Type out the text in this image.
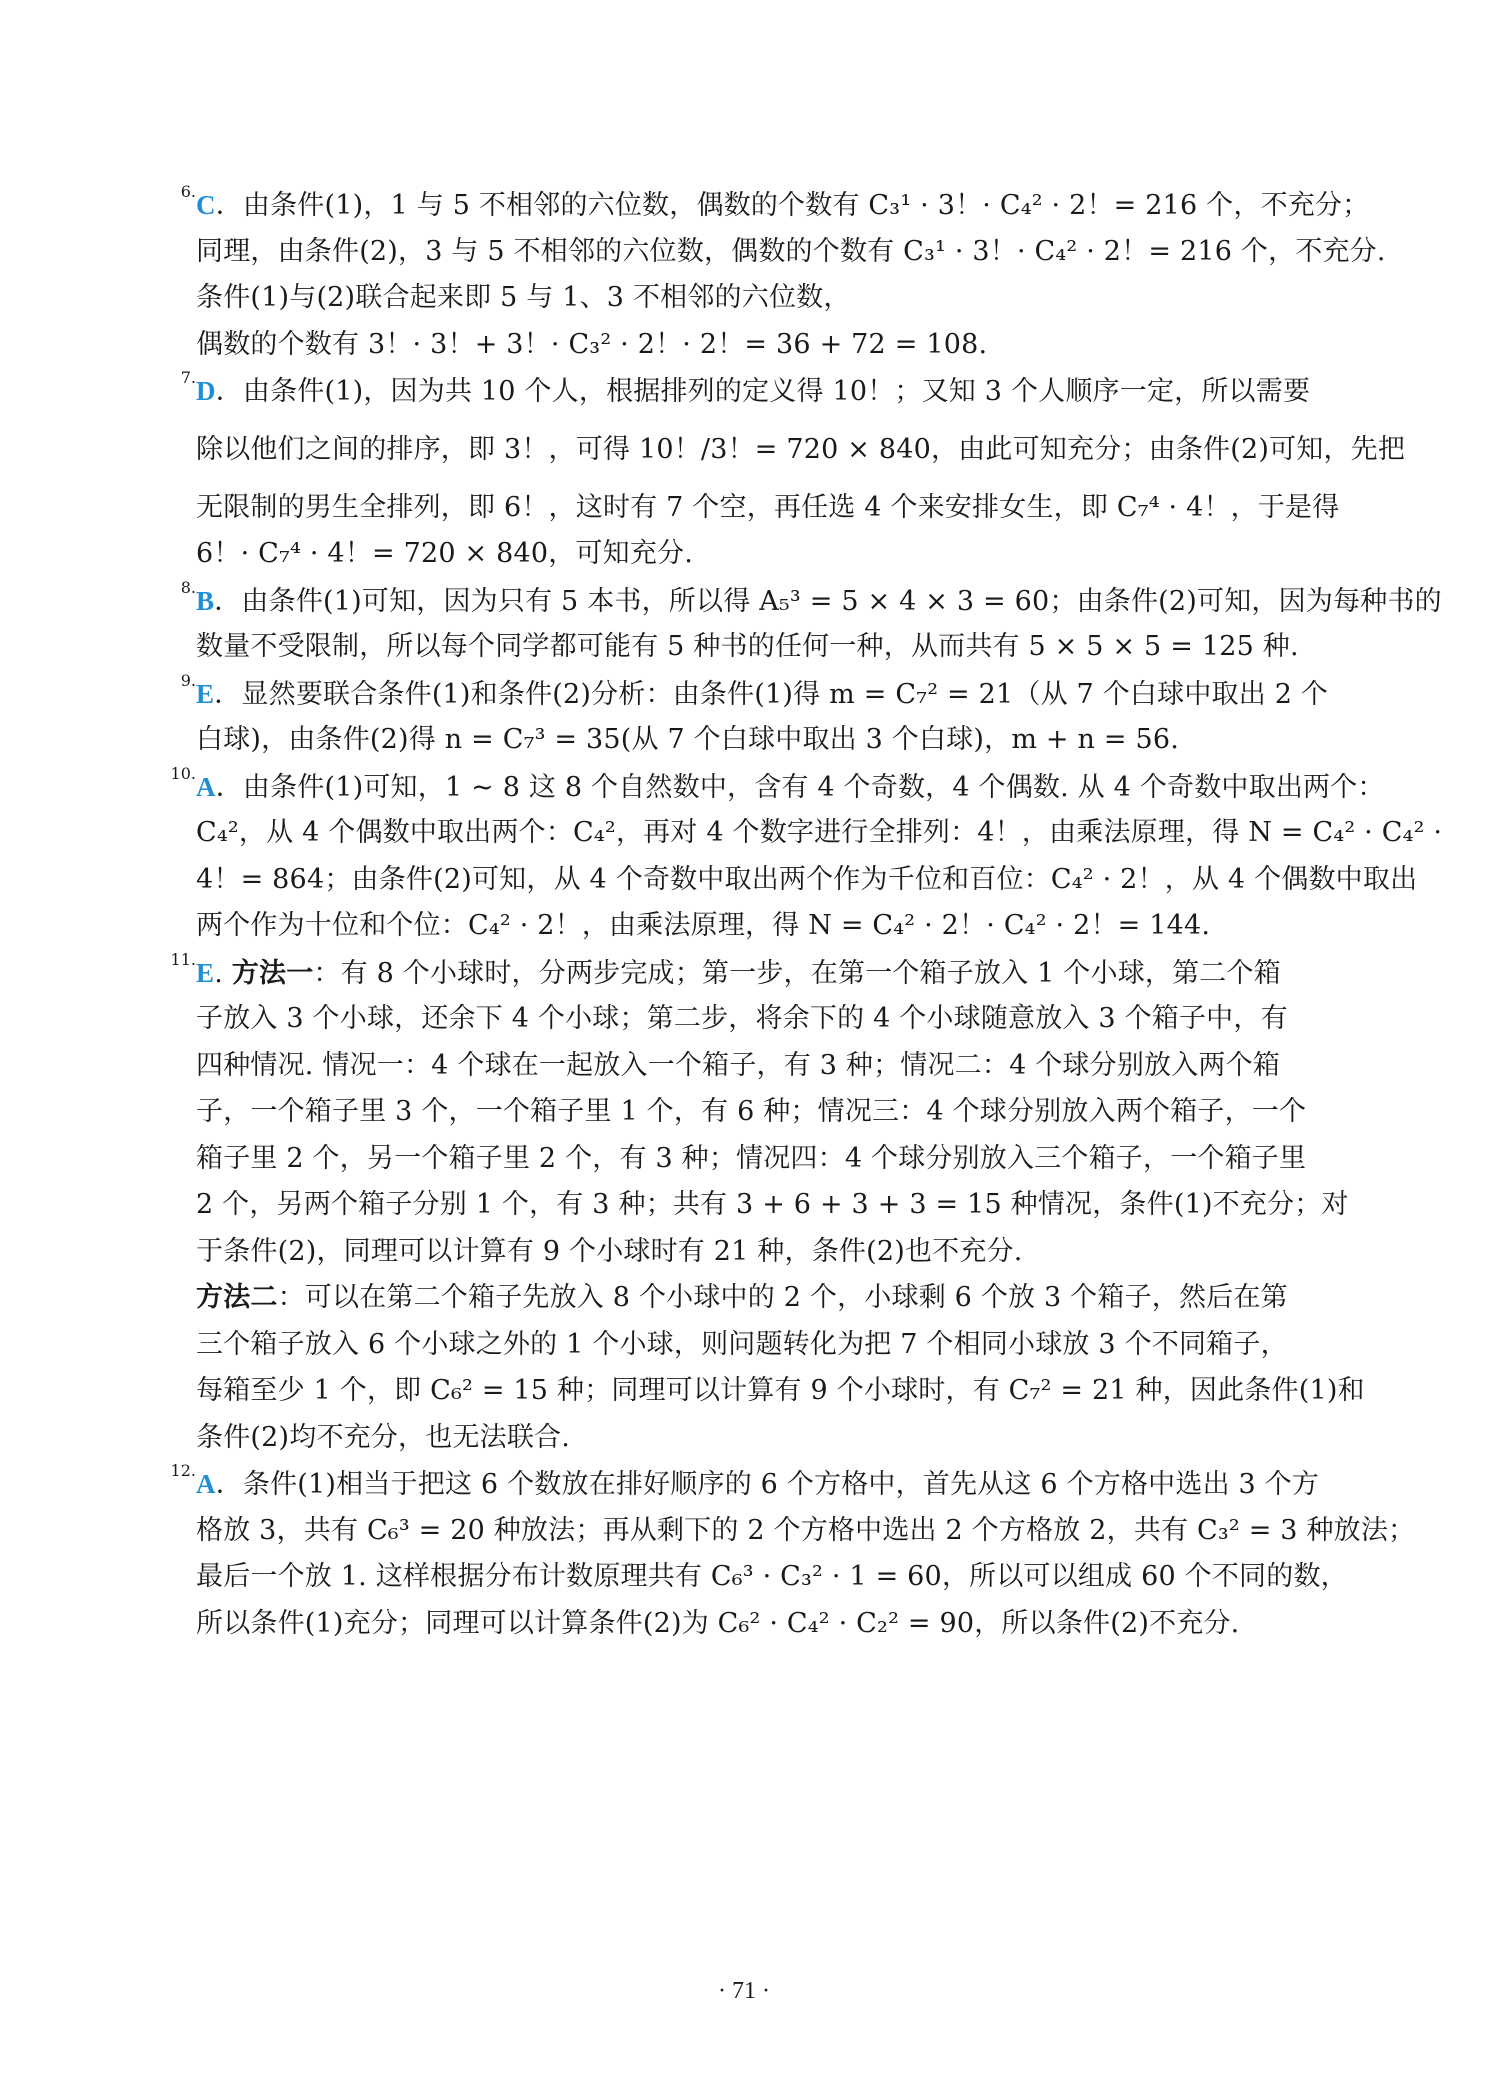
6. C．由条件(1)，1 与 5 不相邻的六位数，偶数的个数有 C₃¹ · 3！· C₄² · 2！= 216 个，不充分；
同理，由条件(2)，3 与 5 不相邻的六位数，偶数的个数有 C₃¹ · 3！· C₄² · 2！= 216 个，不充分.
条件(1)与(2)联合起来即 5 与 1、3 不相邻的六位数，
偶数的个数有 3！· 3！+ 3！· C₃² · 2！· 2！= 36 + 72 = 108.
7. D．由条件(1)，因为共 10 个人，根据排列的定义得 10！；又知 3 个人顺序一定，所以需要
除以他们之间的排序，即 3！，可得 10！/3！= 720 × 840，由此可知充分；由条件(2)可知，先把
无限制的男生全排列，即 6！，这时有 7 个空，再任选 4 个来安排女生，即 C₇⁴ · 4！，于是得
6！· C₇⁴ · 4！= 720 × 840，可知充分.
8. B．由条件(1)可知，因为只有 5 本书，所以得 A₅³ = 5 × 4 × 3 = 60；由条件(2)可知，因为每种书的
数量不受限制，所以每个同学都可能有 5 种书的任何一种，从而共有 5 × 5 × 5 = 125 种.
9. E．显然要联合条件(1)和条件(2)分析：由条件(1)得 m = C₇² = 21（从 7 个白球中取出 2 个
白球)，由条件(2)得 n = C₇³ = 35(从 7 个白球中取出 3 个白球)，m + n = 56.
10. A．由条件(1)可知，1 ~ 8 这 8 个自然数中，含有 4 个奇数，4 个偶数. 从 4 个奇数中取出两个：
C₄²，从 4 个偶数中取出两个：C₄²，再对 4 个数字进行全排列：4！，由乘法原理，得 N = C₄² · C₄² ·
4！= 864；由条件(2)可知，从 4 个奇数中取出两个作为千位和百位：C₄² · 2！，从 4 个偶数中取出
两个作为十位和个位：C₄² · 2！，由乘法原理，得 N = C₄² · 2！· C₄² · 2！= 144.
11. E. 方法一：有 8 个小球时，分两步完成；第一步，在第一个箱子放入 1 个小球，第二个箱
子放入 3 个小球，还余下 4 个小球；第二步，将余下的 4 个小球随意放入 3 个箱子中，有
四种情况. 情况一：4 个球在一起放入一个箱子，有 3 种；情况二：4 个球分别放入两个箱
子，一个箱子里 3 个，一个箱子里 1 个，有 6 种；情况三：4 个球分别放入两个箱子，一个
箱子里 2 个，另一个箱子里 2 个，有 3 种；情况四：4 个球分别放入三个箱子，一个箱子里
2 个，另两个箱子分别 1 个，有 3 种；共有 3 + 6 + 3 + 3 = 15 种情况，条件(1)不充分；对
于条件(2)，同理可以计算有 9 个小球时有 21 种，条件(2)也不充分.
方法二：可以在第二个箱子先放入 8 个小球中的 2 个，小球剩 6 个放 3 个箱子，然后在第
三个箱子放入 6 个小球之外的 1 个小球，则问题转化为把 7 个相同小球放 3 个不同箱子，
每箱至少 1 个，即 C₆² = 15 种；同理可以计算有 9 个小球时，有 C₇² = 21 种，因此条件(1)和
条件(2)均不充分，也无法联合.
12. A．条件(1)相当于把这 6 个数放在排好顺序的 6 个方格中，首先从这 6 个方格中选出 3 个方
格放 3，共有 C₆³ = 20 种放法；再从剩下的 2 个方格中选出 2 个方格放 2，共有 C₃² = 3 种放法；
最后一个放 1. 这样根据分布计数原理共有 C₆³ · C₃² · 1 = 60，所以可以组成 60 个不同的数，
所以条件(1)充分；同理可以计算条件(2)为 C₆² · C₄² · C₂² = 90，所以条件(2)不充分.
· 71 ·
